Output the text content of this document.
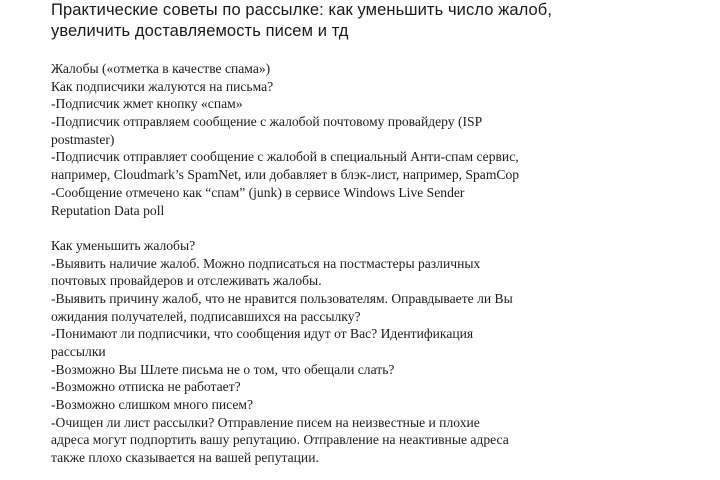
Практические советы по рассылке: как уменьшить число жалоб,
увеличить доставляемость писем и тд
Жалобы («отметка в качестве спама»)
Как подписчики жалуются на письма?
-Подписчик жмет кнопку «спам»
-Подписчик отправляем сообщение с жалобой почтовому провайдеру (ISP
postmaster)
-Подписчик отправляет сообщение с жалобой в специальный Анти-спам сервис,
например, Cloudmark’s SpamNet, или добавляет в блэк-лист, например, SpamCop
-Сообщение отмечено как “спам” (junk) в сервисе Windows Live Sender
Reputation Data poll
Как уменьшить жалобы?
-Выявить наличие жалоб. Можно подписаться на постмастеры различных
почтовых провайдеров и отслеживать жалобы.
-Выявить причину жалоб, что не нравится пользователям. Оправдываете ли Вы
ожидания получателей, подписавшихся на рассылку?
-Понимают ли подписчики, что сообщения идут от Вас? Идентификация
рассылки
-Возможно Вы Шлете письма не о том, что обещали слать?
-Возможно отписка не работает?
-Возможно слишком много писем?
-Очищен ли лист рассылки? Отправление писем на неизвестные и плохие
адреса могут подпортить вашу репутацию. Отправление на неактивные адреса
также плохо сказывается на вашей репутации.
